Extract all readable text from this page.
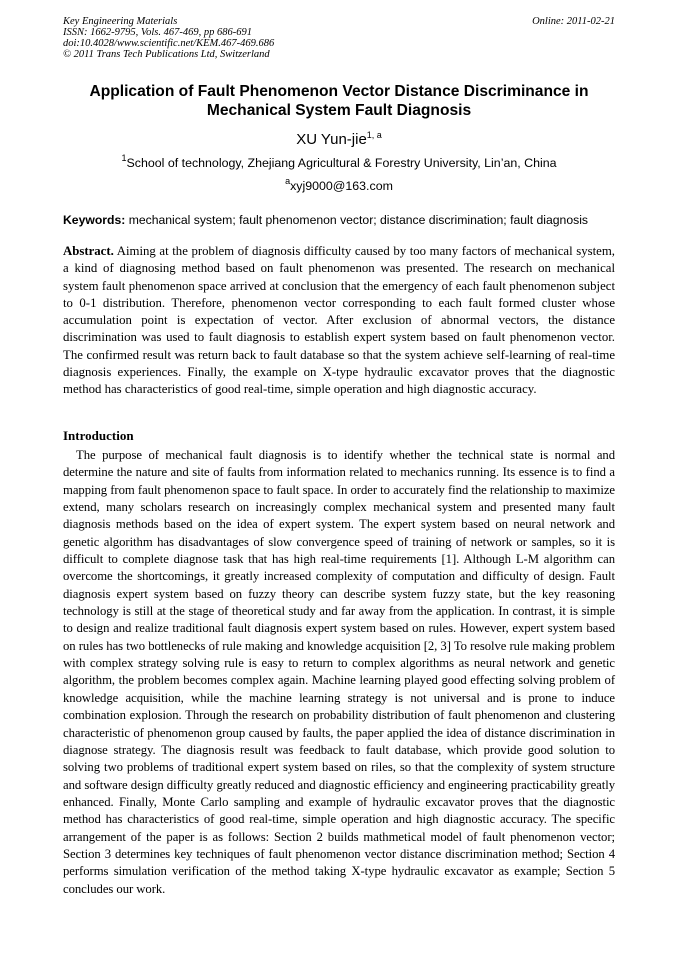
Key Engineering Materials	Online: 2011-02-21
ISSN: 1662-9795, Vols. 467-469, pp 686-691
doi:10.4028/www.scientific.net/KEM.467-469.686
© 2011 Trans Tech Publications Ltd, Switzerland
Application of Fault Phenomenon Vector Distance Discriminance in Mechanical System Fault Diagnosis
XU Yun-jie$^{1, a}$
$^1$School of technology, Zhejiang Agricultural & Forestry University, Lin’an, China
$^a$xyj9000@163.com
Keywords: mechanical system; fault phenomenon vector; distance discrimination; fault diagnosis
Abstract. Aiming at the problem of diagnosis difficulty caused by too many factors of mechanical system, a kind of diagnosing method based on fault phenomenon was presented. The research on mechanical system fault phenomenon space arrived at conclusion that the emergency of each fault phenomenon subject to 0-1 distribution. Therefore, phenomenon vector corresponding to each fault formed cluster whose accumulation point is expectation of vector. After exclusion of abnormal vectors, the distance discrimination was used to fault diagnosis to establish expert system based on fault phenomenon vector. The confirmed result was return back to fault database so that the system achieve self-learning of real-time diagnosis experiences. Finally, the example on X-type hydraulic excavator proves that the diagnostic method has characteristics of good real-time, simple operation and high diagnostic accuracy.
Introduction
The purpose of mechanical fault diagnosis is to identify whether the technical state is normal and determine the nature and site of faults from information related to mechanics running. Its essence is to find a mapping from fault phenomenon space to fault space. In order to accurately find the relationship to maximize extend, many scholars research on increasingly complex mechanical system and presented many fault diagnosis methods based on the idea of expert system. The expert system based on neural network and genetic algorithm has disadvantages of slow convergence speed of training of network or samples, so it is difficult to complete diagnose task that has high real-time requirements [1]. Although L-M algorithm can overcome the shortcomings, it greatly increased complexity of computation and difficulty of design. Fault diagnosis expert system based on fuzzy theory can describe system fuzzy state, but the key reasoning technology is still at the stage of theoretical study and far away from the application. In contrast, it is simple to design and realize traditional fault diagnosis expert system based on rules. However, expert system based on rules has two bottlenecks of rule making and knowledge acquisition [2, 3] To resolve rule making problem with complex strategy solving rule is easy to return to complex algorithms as neural network and genetic algorithm, the problem becomes complex again. Machine learning played good effecting solving problem of knowledge acquisition, while the machine learning strategy is not universal and is prone to induce combination explosion. Through the research on probability distribution of fault phenomenon and clustering characteristic of phenomenon group caused by faults, the paper applied the idea of distance discrimination in diagnose strategy. The diagnosis result was feedback to fault database, which provide good solution to solving two problems of traditional expert system based on riles, so that the complexity of system structure and software design difficulty greatly reduced and diagnostic efficiency and engineering practicability greatly enhanced. Finally, Monte Carlo sampling and example of hydraulic excavator proves that the diagnostic method has characteristics of good real-time, simple operation and high diagnostic accuracy. The specific arrangement of the paper is as follows: Section 2 builds mathmetical model of fault phenomenon vector; Section 3 determines key techniques of fault phenomenon vector distance discrimination method; Section 4 performs simulation verification of the method taking X-type hydraulic excavator as example; Section 5 concludes our work.
